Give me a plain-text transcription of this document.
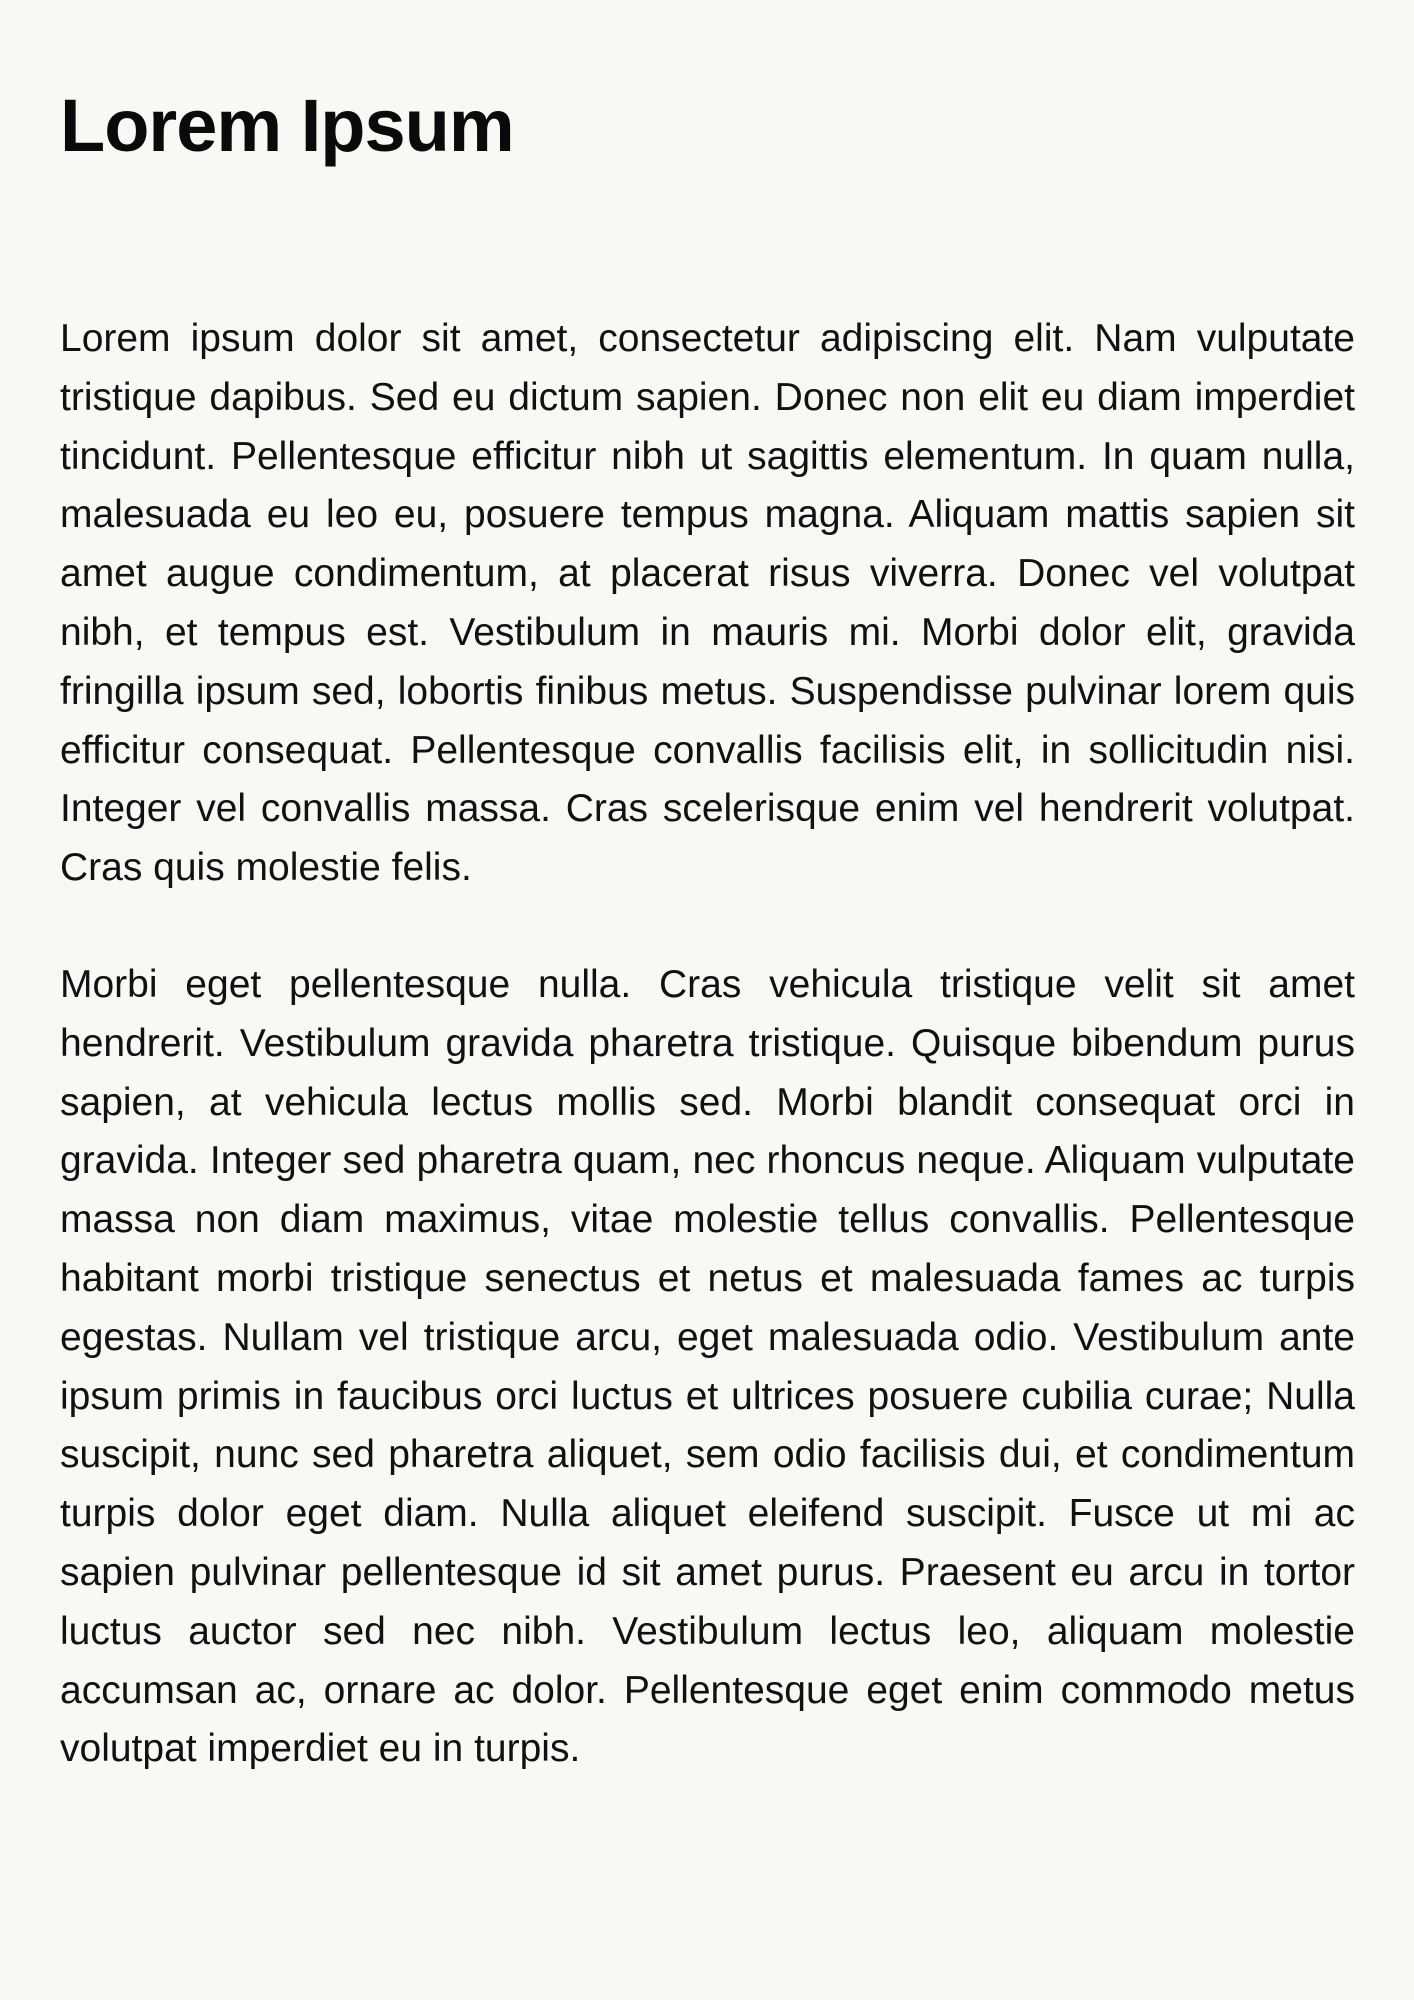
Lorem Ipsum

Lorem ipsum dolor sit amet, consectetur adipiscing elit. Nam vulputate tristique dapibus. Sed eu dictum sapien. Donec non elit eu diam imperdiet tincidunt. Pellentesque efficitur nibh ut sagittis elementum. In quam nulla, malesuada eu leo eu, posuere tempus magna. Aliquam mattis sapien sit amet augue condimentum, at placerat risus viverra. Donec vel volutpat nibh, et tempus est. Vestibulum in mauris mi. Morbi dolor elit, gravida fringilla ipsum sed, lobortis finibus metus. Suspendisse pulvinar lorem quis efficitur consequat. Pellentesque convallis facilisis elit, in sollicitudin nisi. Integer vel convallis massa. Cras scelerisque enim vel hendrerit volutpat. Cras quis molestie felis.

Morbi eget pellentesque nulla. Cras vehicula tristique velit sit amet hendrerit. Vestibulum gravida pharetra tristique. Quisque bibendum purus sapien, at vehicula lectus mollis sed. Morbi blandit consequat orci in gravida. Integer sed pharetra quam, nec rhoncus neque. Aliquam vulputate massa non diam maximus, vitae molestie tellus convallis. Pellentesque habitant morbi tristique senectus et netus et malesuada fames ac turpis egestas. Nullam vel tristique arcu, eget malesuada odio. Vestibulum ante ipsum primis in faucibus orci luctus et ultrices posuere cubilia curae; Nulla suscipit, nunc sed pharetra aliquet, sem odio facilisis dui, et condimentum turpis dolor eget diam. Nulla aliquet eleifend suscipit. Fusce ut mi ac sapien pulvinar pellentesque id sit amet purus. Praesent eu arcu in tortor luctus auctor sed nec nibh. Vestibulum lectus leo, aliquam molestie accumsan ac, ornare ac dolor. Pellentesque eget enim commodo metus volutpat imperdiet eu in turpis.
